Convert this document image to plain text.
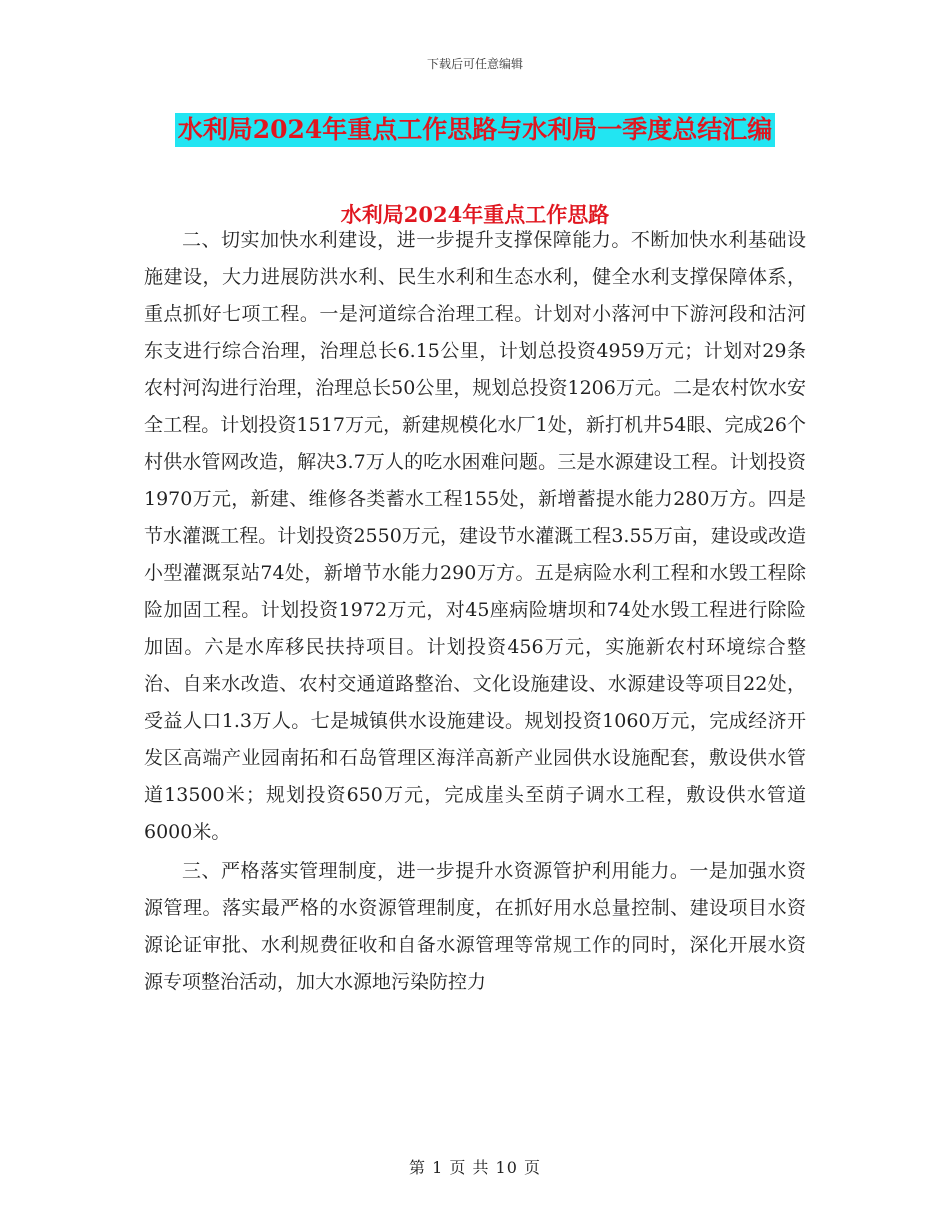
下载后可任意编辑
水利局2024年重点工作思路与水利局一季度总结汇编
水利局2024年重点工作思路

二、切实加快水利建设，进一步提升支撑保障能力。不断加快水利基础设施建设，大力进展防洪水利、民生水利和生态水利，健全水利支撑保障体系，重点抓好七项工程。一是河道综合治理工程。计划对小落河中下游河段和沽河东支进行综合治理，治理总长6.15公里，计划总投资4959万元；计划对29条农村河沟进行治理，治理总长50公里，规划总投资1206万元。二是农村饮水安全工程。计划投资1517万元，新建规模化水厂1处，新打机井54眼、完成26个村供水管网改造，解决3.7万人的吃水困难问题。三是水源建设工程。计划投资1970万元，新建、维修各类蓄水工程155处，新增蓄提水能力280万方。四是节水灌溉工程。计划投资2550万元，建设节水灌溉工程3.55万亩，建设或改造小型灌溉泵站74处，新增节水能力290万方。五是病险水利工程和水毁工程除险加固工程。计划投资1972万元，对45座病险塘坝和74处水毁工程进行除险加固。六是水库移民扶持项目。计划投资456万元，实施新农村环境综合整治、自来水改造、农村交通道路整治、文化设施建设、水源建设等项目22处，受益人口1.3万人。七是城镇供水设施建设。规划投资1060万元，完成经济开发区高端产业园南拓和石岛管理区海洋高新产业园供水设施配套，敷设供水管道13500米；规划投资650万元，完成崖头至荫子调水工程，敷设供水管道6000米。

三、严格落实管理制度，进一步提升水资源管护利用能力。一是加强水资源管理。落实最严格的水资源管理制度，在抓好用水总量控制、建设项目水资源论证审批、水利规费征收和自备水源管理等常规工作的同时，深化开展水资源专项整治活动，加大水源地污染防控力

第 1 页 共 10 页
